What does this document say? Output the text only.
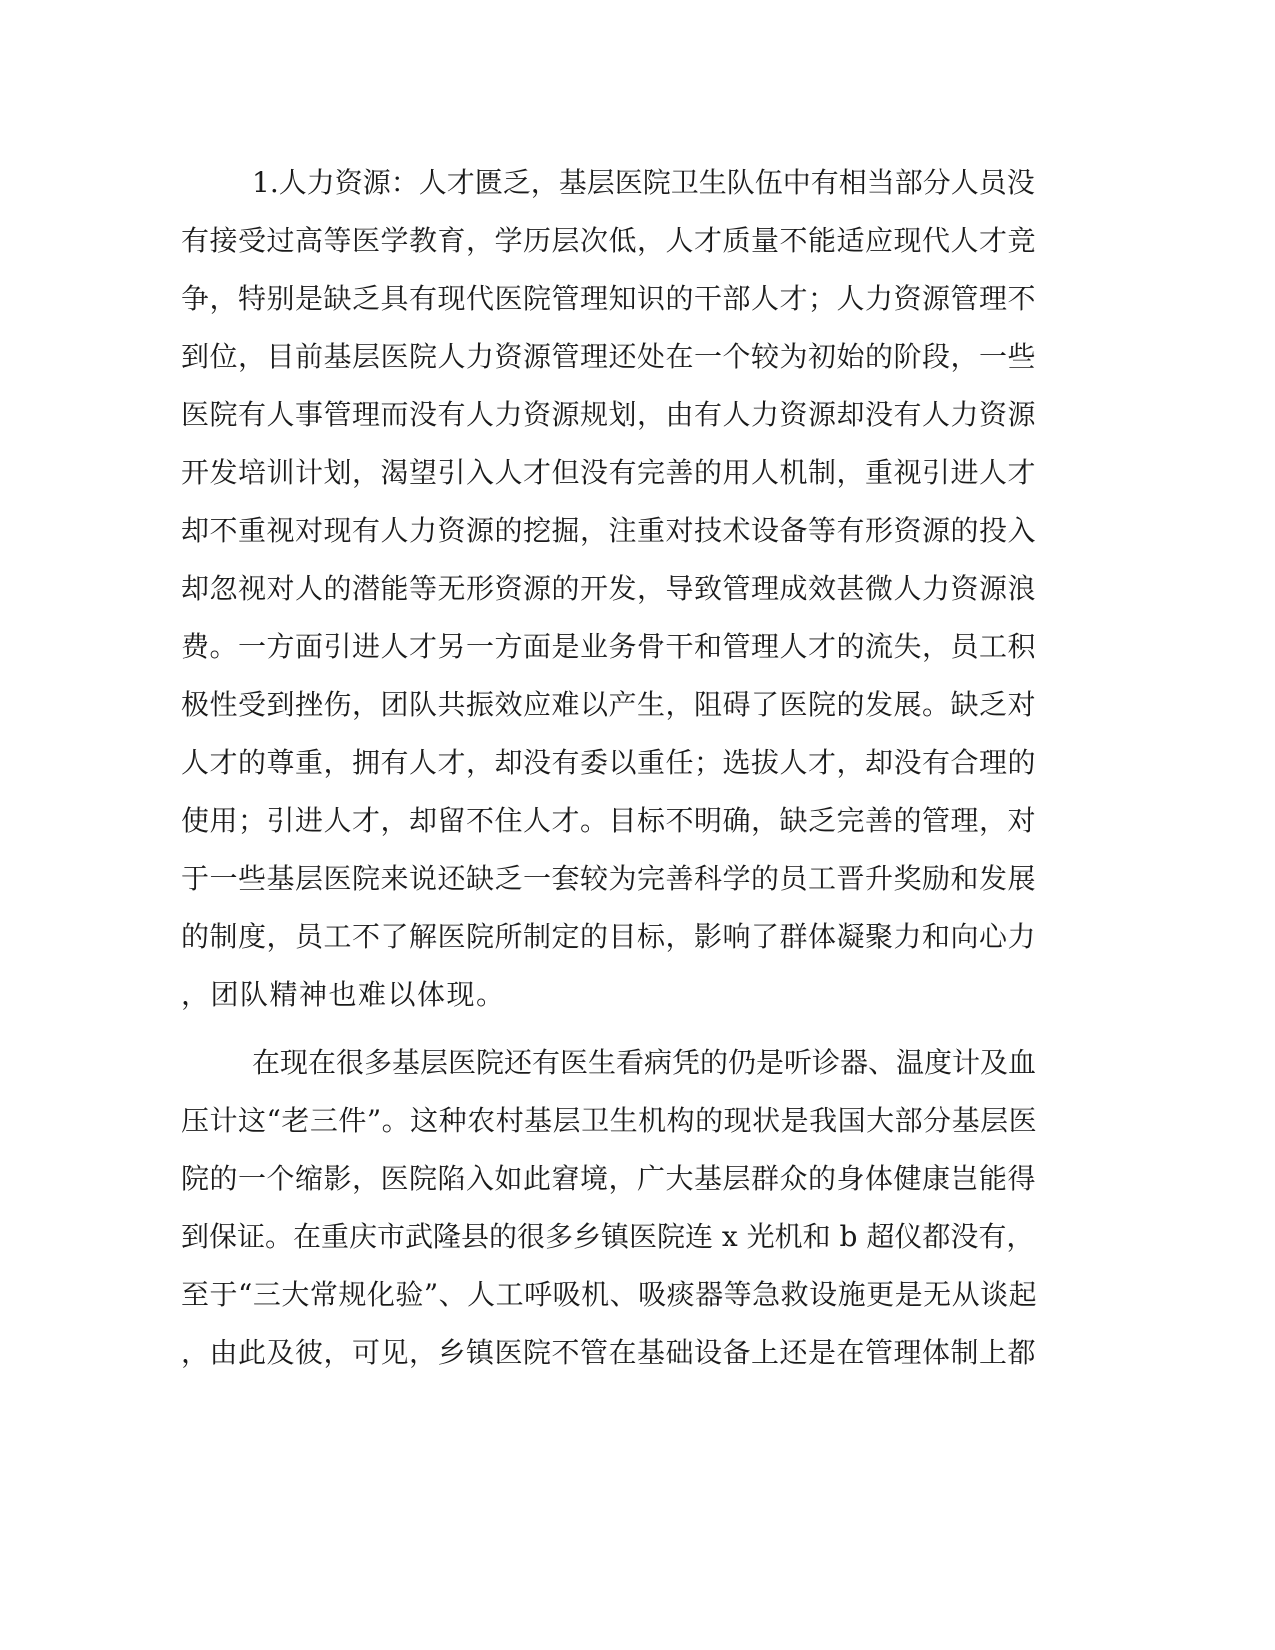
1.人力资源：人才匮乏，基层医院卫生队伍中有相当部分人员没
有接受过高等医学教育，学历层次低，人才质量不能适应现代人才竞
争，特别是缺乏具有现代医院管理知识的干部人才；人力资源管理不
到位，目前基层医院人力资源管理还处在一个较为初始的阶段，一些
医院有人事管理而没有人力资源规划，由有人力资源却没有人力资源
开发培训计划，渴望引入人才但没有完善的用人机制，重视引进人才
却不重视对现有人力资源的挖掘，注重对技术设备等有形资源的投入
却忽视对人的潜能等无形资源的开发，导致管理成效甚微人力资源浪
费。一方面引进人才另一方面是业务骨干和管理人才的流失，员工积
极性受到挫伤，团队共振效应难以产生，阻碍了医院的发展。缺乏对
人才的尊重，拥有人才，却没有委以重任；选拔人才，却没有合理的
使用；引进人才，却留不住人才。目标不明确，缺乏完善的管理，对
于一些基层医院来说还缺乏一套较为完善科学的员工晋升奖励和发展
的制度，员工不了解医院所制定的目标，影响了群体凝聚力和向心力
，团队精神也难以体现。
在现在很多基层医院还有医生看病凭的仍是听诊器、温度计及血
压计这“老三件”。这种农村基层卫生机构的现状是我国大部分基层医
院的一个缩影，医院陷入如此窘境，广大基层群众的身体健康岂能得
到保证。在重庆市武隆县的很多乡镇医院连 x 光机和 b 超仪都没有，
至于“三大常规化验”、人工呼吸机、吸痰器等急救设施更是无从谈起
，由此及彼，可见，乡镇医院不管在基础设备上还是在管理体制上都
